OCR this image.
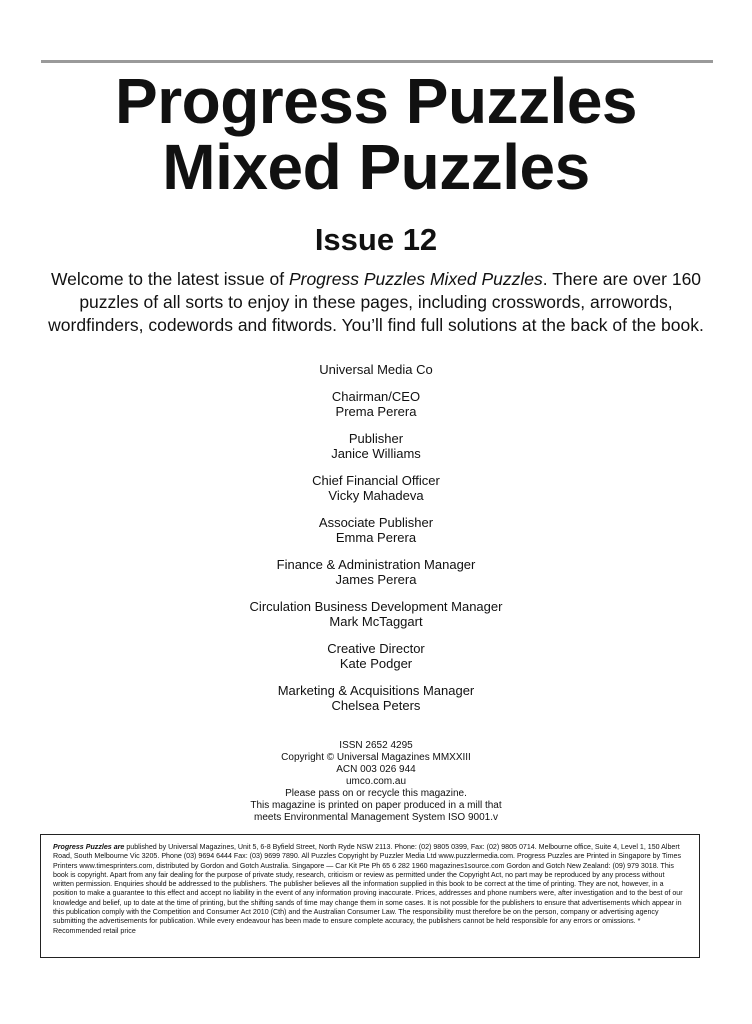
Progress Puzzles
Mixed Puzzles
Issue 12
Welcome to the latest issue of Progress Puzzles Mixed Puzzles. There are over 160 puzzles of all sorts to enjoy in these pages, including crosswords, arrowords, wordfinders, codewords and fitwords. You’ll find full solutions at the back of the book.
Universal Media Co
Chairman/CEO
Prema Perera
Publisher
Janice Williams
Chief Financial Officer
Vicky Mahadeva
Associate Publisher
Emma Perera
Finance & Administration Manager
James Perera
Circulation Business Development Manager
Mark McTaggart
Creative Director
Kate Podger
Marketing & Acquisitions Manager
Chelsea Peters
ISSN 2652 4295
Copyright © Universal Magazines MMXXIII
ACN 003 026 944
umco.com.au
Please pass on or recycle this magazine.
This magazine is printed on paper produced in a mill that
meets Environmental Management System ISO 9001.v
Progress Puzzles are published by Universal Magazines, Unit 5, 6-8 Byfield Street, North Ryde NSW 2113. Phone: (02) 9805 0399, Fax: (02) 9805 0714. Melbourne office, Suite 4, Level 1, 150 Albert Road, South Melbourne Vic 3205. Phone (03) 9694 6444 Fax: (03) 9699 7890. All Puzzles Copyright by Puzzler Media Ltd www.puzzlermedia.com. Progress Puzzles are Printed in Singapore by Times Printers www.timesprinters.com, distributed by Gordon and Gotch Australia. Singapore — Car Kit Pte Ph 65 6 282 1960 magazines1source.com Gordon and Gotch New Zealand: (09) 979 3018. This book is copyright. Apart from any fair dealing for the purpose of private study, research, criticism or review as permitted under the Copyright Act, no part may be reproduced by any process without written permission. Enquiries should be addressed to the publishers. The publisher believes all the information supplied in this book to be correct at the time of printing. They are not, however, in a position to make a guarantee to this effect and accept no liability in the event of any information proving inaccurate. Prices, addresses and phone numbers were, after investigation and to the best of our knowledge and belief, up to date at the time of printing, but the shifting sands of time may change them in some cases. It is not possible for the publishers to ensure that advertisements which appear in this publication comply with the Competition and Consumer Act 2010 (Cth) and the Australian Consumer Law. The responsibility must therefore be on the person, company or advertising agency submitting the advertisements for publication. While every endeavour has been made to ensure complete accuracy, the publishers cannot be held responsible for any errors or omissions. * Recommended retail price
